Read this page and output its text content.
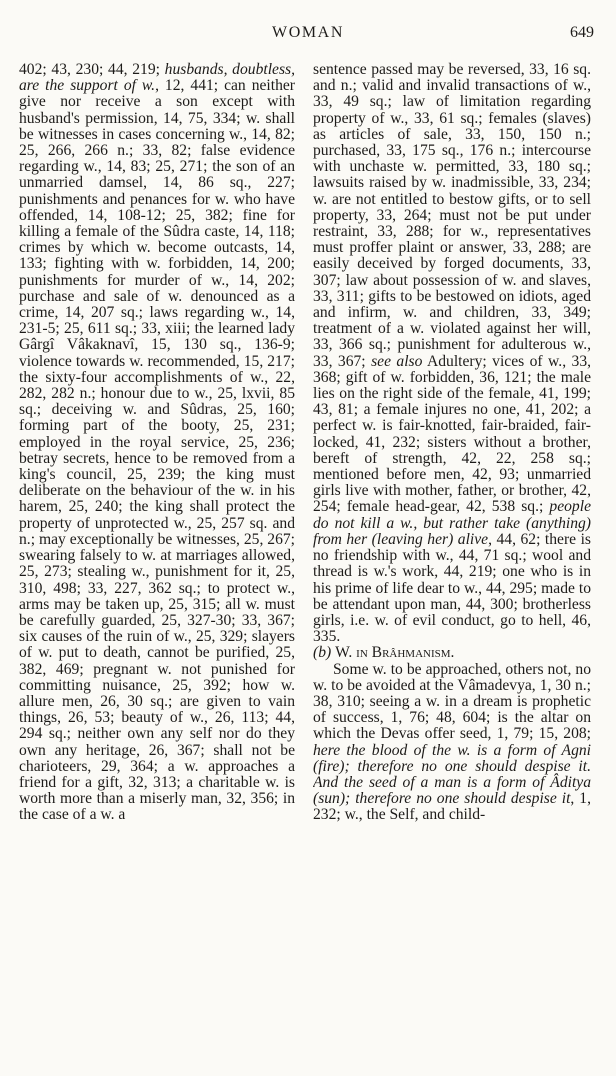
WOMAN	649

402; 43, 230; 44, 219; husbands, doubtless, are the support of w., 12, 441; can neither give nor receive a son except with husband's permission, 14, 75, 334; w. shall be witnesses in cases concerning w., 14, 82; 25, 266, 266 n.; 33, 82; false evidence regarding w., 14, 83; 25, 271; the son of an unmarried damsel, 14, 86 sq., 227; punishments and penances for w. who have offended, 14, 108-12; 25, 382; fine for killing a female of the Sûdra caste, 14, 118; crimes by which w. become outcasts, 14, 133; fighting with w. forbidden, 14, 200; punishments for murder of w., 14, 202; purchase and sale of w. denounced as a crime, 14, 207 sq.; laws regarding w., 14, 231-5; 25, 611 sq.; 33, xiii; the learned lady Gârgî Vâkaknavî, 15, 130 sq., 136-9; violence towards w. recommended, 15, 217; the sixty-four accomplishments of w., 22, 282, 282 n.; honour due to w., 25, lxvii, 85 sq.; deceiving w. and Sûdras, 25, 160; forming part of the booty, 25, 231; employed in the royal service, 25, 236; betray secrets, hence to be removed from a king's council, 25, 239; the king must deliberate on the behaviour of the w. in his harem, 25, 240; the king shall protect the property of unprotected w., 25, 257 sq. and n.; may exceptionally be witnesses, 25, 267; swearing falsely to w. at marriages allowed, 25, 273; stealing w., punishment for it, 25, 310, 498; 33, 227, 362 sq.; to protect w., arms may be taken up, 25, 315; all w. must be carefully guarded, 25, 327-30; 33, 367; six causes of the ruin of w., 25, 329; slayers of w. put to death, cannot be purified, 25, 382, 469; pregnant w. not punished for committing nuisance, 25, 392; how w. allure men, 26, 30 sq.; are given to vain things, 26, 53; beauty of w., 26, 113; 44, 294 sq.; neither own any self nor do they own any heritage, 26, 367; shall not be charioteers, 29, 364; a w. approaches a friend for a gift, 32, 313; a charitable w. is worth more than a miserly man, 32, 356; in the case of a w. a

sentence passed may be reversed, 33, 16 sq. and n.; valid and invalid transactions of w., 33, 49 sq.; law of limitation regarding property of w., 33, 61 sq.; females (slaves) as articles of sale, 33, 150, 150 n.; purchased, 33, 175 sq., 176 n.; intercourse with unchaste w. permitted, 33, 180 sq.; lawsuits raised by w. inadmissible, 33, 234; w. are not entitled to bestow gifts, or to sell property, 33, 264; must not be put under restraint, 33, 288; for w., representatives must proffer plaint or answer, 33, 288; are easily deceived by forged documents, 33, 307; law about possession of w. and slaves, 33, 311; gifts to be bestowed on idiots, aged and infirm, w. and children, 33, 349; treatment of a w. violated against her will, 33, 366 sq.; punishment for adulterous w., 33, 367; see also Adultery; vices of w., 33, 368; gift of w. forbidden, 36, 121; the male lies on the right side of the female, 41, 199; 43, 81; a female injures no one, 41, 202; a perfect w. is fair-knotted, fair-braided, fair-locked, 41, 232; sisters without a brother, bereft of strength, 42, 22, 258 sq.; mentioned before men, 42, 93; unmarried girls live with mother, father, or brother, 42, 254; female head-gear, 42, 538 sq.; people do not kill a w., but rather take (anything) from her (leaving her) alive, 44, 62; there is no friendship with w., 44, 71 sq.; wool and thread is w.'s work, 44, 219; one who is in his prime of life dear to w., 44, 295; made to be attendant upon man, 44, 300; brotherless girls, i.e. w. of evil conduct, go to hell, 46, 335.

(b) W. in Brâhmanism.

Some w. to be approached, others not, no w. to be avoided at the Vâmadevya, 1, 30 n.; 38, 310; seeing a w. in a dream is prophetic of success, 1, 76; 48, 604; is the altar on which the Devas offer seed, 1, 79; 15, 208; here the blood of the w. is a form of Agni (fire); therefore no one should despise it. And the seed of a man is a form of Âditya (sun); therefore no one should despise it, 1, 232; w., the Self, and child-
